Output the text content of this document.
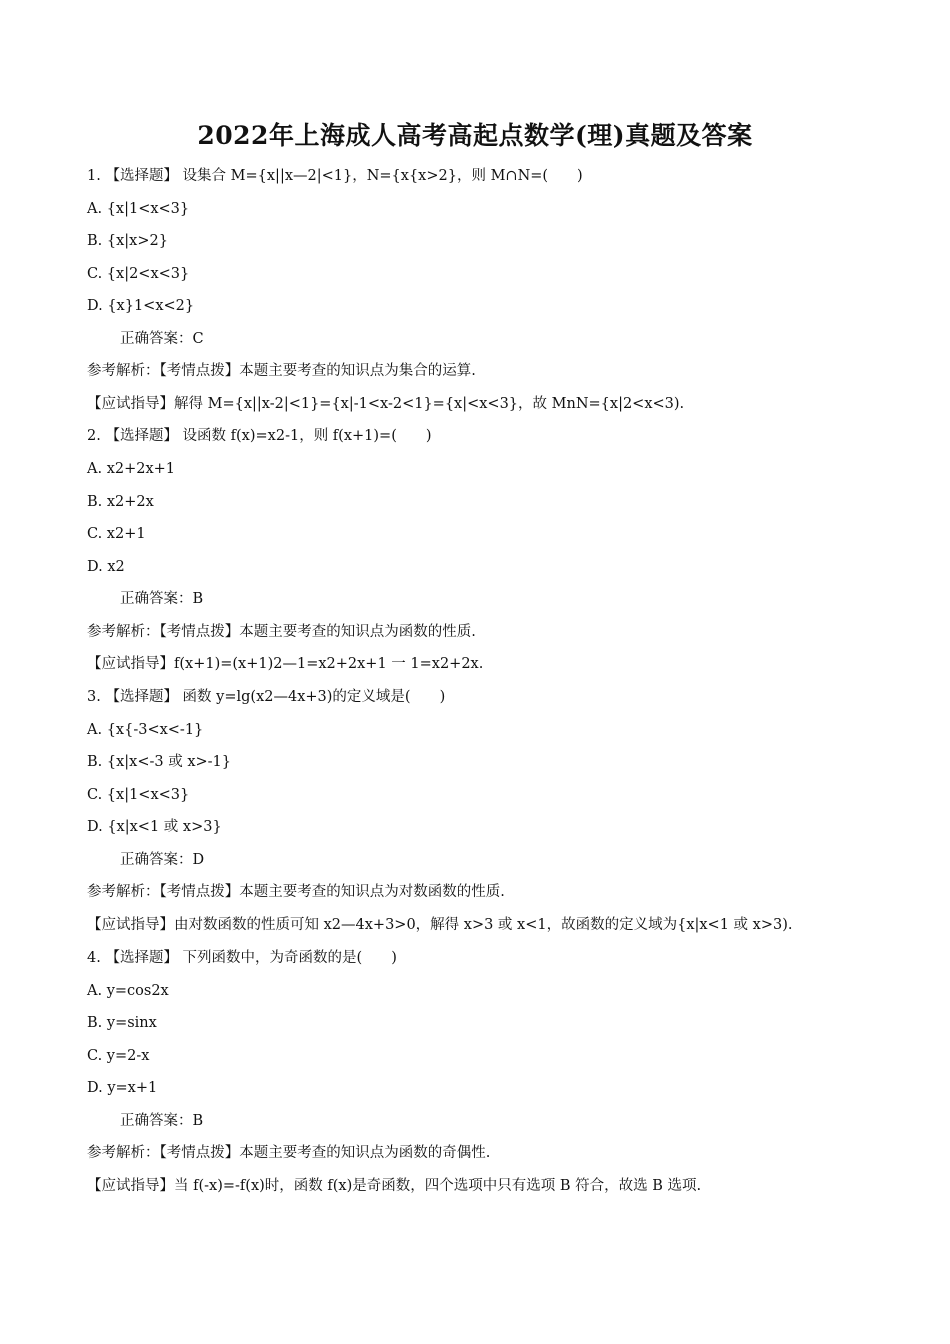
2022年上海成人高考高起点数学(理)真题及答案
1. 【选择题】 设集合 M={x||x—2|<1}，N={x{x>2}，则 M∩N=(　　)
A. {x|1<x<3}
B. {x|x>2}
C. {x|2<x<3}
D. {x}1<x<2}
正确答案：C
参考解析：【考情点拨】本题主要考查的知识点为集合的运算.
【应试指导】解得 M={x||x-2|<1}={x|-1<x-2<1}={x|<x<3}，故 MnN={x|2<x<3).
2. 【选择题】 设函数 f(x)=x2-1，则 f(x+1)=(　　)
A. x2+2x+1
B. x2+2x
C. x2+1
D. x2
正确答案：B
参考解析：【考情点拨】本题主要考查的知识点为函数的性质.
【应试指导】f(x+1)=(x+1)2—1=x2+2x+1 一 1=x2+2x.
3. 【选择题】 函数 y=lg(x2—4x+3)的定义域是(　　)
A. {x{-3<x<-1}
B. {x|x<-3 或 x>-1}
C. {x|1<x<3}
D. {x|x<1 或 x>3}
正确答案：D
参考解析：【考情点拨】本题主要考查的知识点为对数函数的性质.
【应试指导】由对数函数的性质可知 x2—4x+3>0，解得 x>3 或 x<1，故函数的定义域为{x|x<1 或 x>3).
4. 【选择题】 下列函数中，为奇函数的是(　　)
A. y=cos2x
B. y=sinx
C. y=2-x
D. y=x+1
正确答案：B
参考解析：【考情点拨】本题主要考查的知识点为函数的奇偶性.
【应试指导】当 f(-x)=-f(x)时，函数 f(x)是奇函数，四个选项中只有选项 B 符合，故选 B 选项.
